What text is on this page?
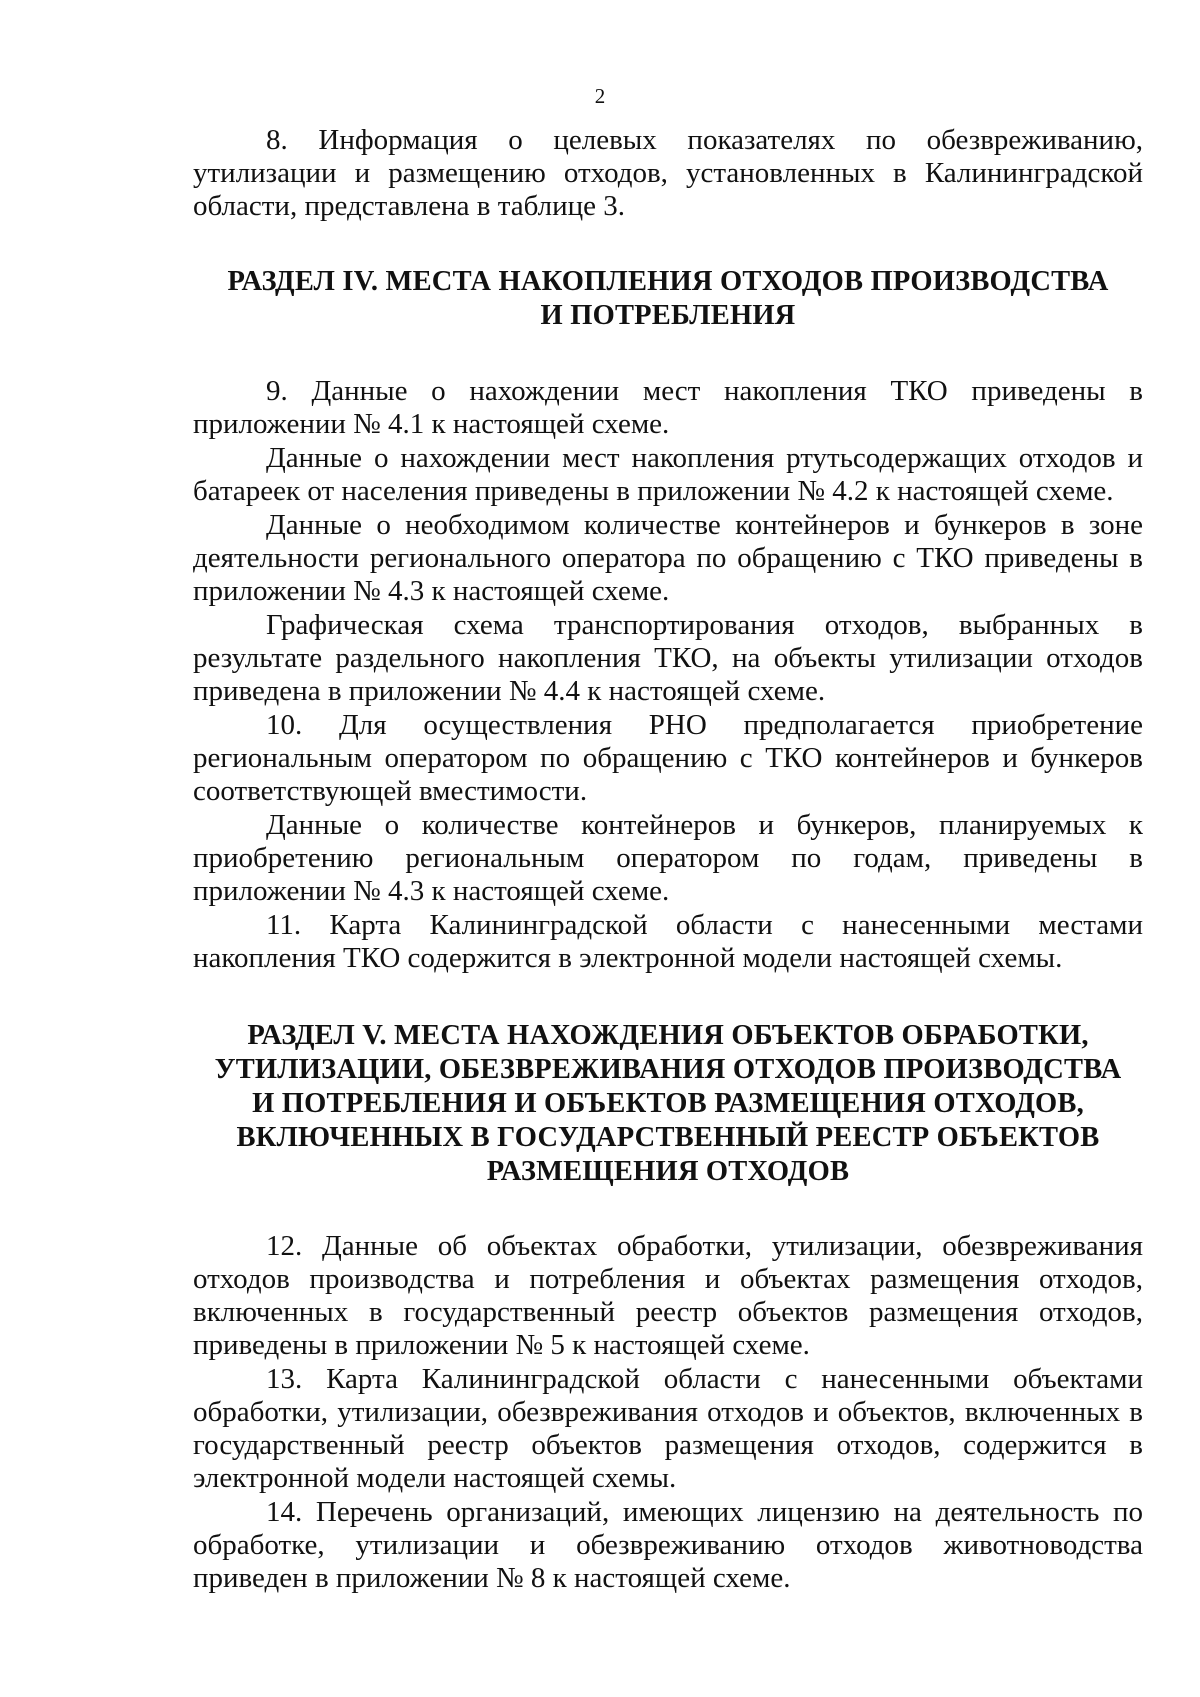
2

8. Информация о целевых показателях по обезвреживанию, утилизации и размещению отходов, установленных в Калининградской области, представлена в таблице 3.

РАЗДЕЛ IV. МЕСТА НАКОПЛЕНИЯ ОТХОДОВ ПРОИЗВОДСТВА
И ПОТРЕБЛЕНИЯ

9. Данные о нахождении мест накопления ТКО приведены в приложении № 4.1 к настоящей схеме.

Данные о нахождении мест накопления ртутьсодержащих отходов и батареек от населения приведены в приложении № 4.2 к настоящей схеме.

Данные о необходимом количестве контейнеров и бункеров в зоне деятельности регионального оператора по обращению с ТКО приведены в приложении № 4.3 к настоящей схеме.

Графическая схема транспортирования отходов, выбранных в результате раздельного накопления ТКО, на объекты утилизации отходов приведена в приложении № 4.4 к настоящей схеме.

10. Для осуществления РНО предполагается приобретение региональным оператором по обращению с ТКО контейнеров и бункеров соответствующей вместимости.

Данные о количестве контейнеров и бункеров, планируемых к приобретению региональным оператором по годам, приведены в приложении № 4.3 к настоящей схеме.

11. Карта Калининградской области с нанесенными местами накопления ТКО содержится в электронной модели настоящей схемы.

РАЗДЕЛ V. МЕСТА НАХОЖДЕНИЯ ОБЪЕКТОВ ОБРАБОТКИ,
УТИЛИЗАЦИИ, ОБЕЗВРЕЖИВАНИЯ ОТХОДОВ ПРОИЗВОДСТВА
И ПОТРЕБЛЕНИЯ И ОБЪЕКТОВ РАЗМЕЩЕНИЯ ОТХОДОВ,
ВКЛЮЧЕННЫХ В ГОСУДАРСТВЕННЫЙ РЕЕСТР ОБЪЕКТОВ
РАЗМЕЩЕНИЯ ОТХОДОВ

12. Данные об объектах обработки, утилизации, обезвреживания отходов производства и потребления и объектах размещения отходов, включенных в государственный реестр объектов размещения отходов, приведены в приложении № 5 к настоящей схеме.

13. Карта Калининградской области с нанесенными объектами обработки, утилизации, обезвреживания отходов и объектов, включенных в государственный реестр объектов размещения отходов, содержится в электронной модели настоящей схемы.

14. Перечень организаций, имеющих лицензию на деятельность по обработке, утилизации и обезвреживанию отходов животноводства приведен в приложении № 8 к настоящей схеме.
